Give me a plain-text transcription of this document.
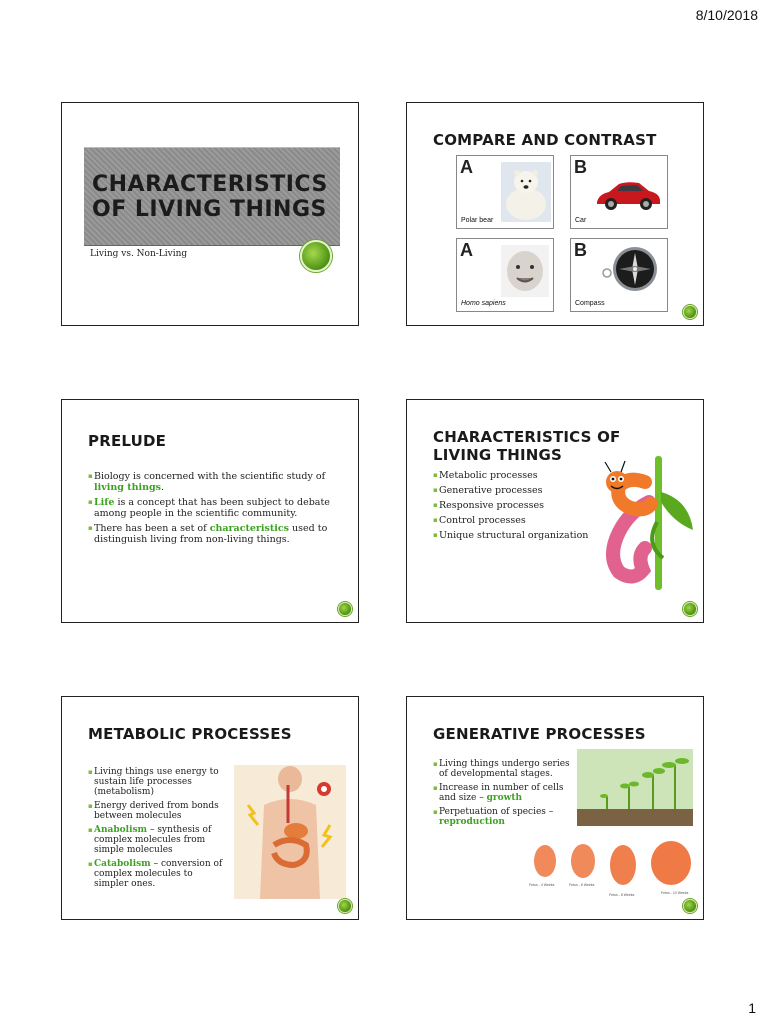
8/10/2018
CHARACTERISTICS OF LIVING THINGS
Living vs. Non-Living
COMPARE AND CONTRAST
A
Polar bear
B
Car
A
Homo sapiens
B
Compass
PRELUDE
▪ Biology is concerned with the scientific study of living things.
▪ Life is a concept that has been subject to debate among people in the scientific community.
▪ There has been a set of characteristics used to distinguish living from non-living things.
CHARACTERISTICS OF LIVING THINGS
▪ Metabolic processes
▪ Generative processes
▪ Responsive processes
▪ Control processes
▪ Unique structural organization
METABOLIC PROCESSES
▪ Living things use energy to sustain life processes (metabolism)
▪ Energy derived from bonds between molecules
▪ Anabolism – synthesis of complex molecules from simple molecules
▪ Catabolism – conversion of complex molecules to simpler ones.
GENERATIVE PROCESSES
▪ Living things undergo series of developmental stages.
▪ Increase in number of cells and size – growth
▪ Perpetuation of species – reproduction
Fetus - 4 Weeks	Fetus - 6 Weeks
Fetus - 8 Weeks	Fetus - 10 Weeks
1
